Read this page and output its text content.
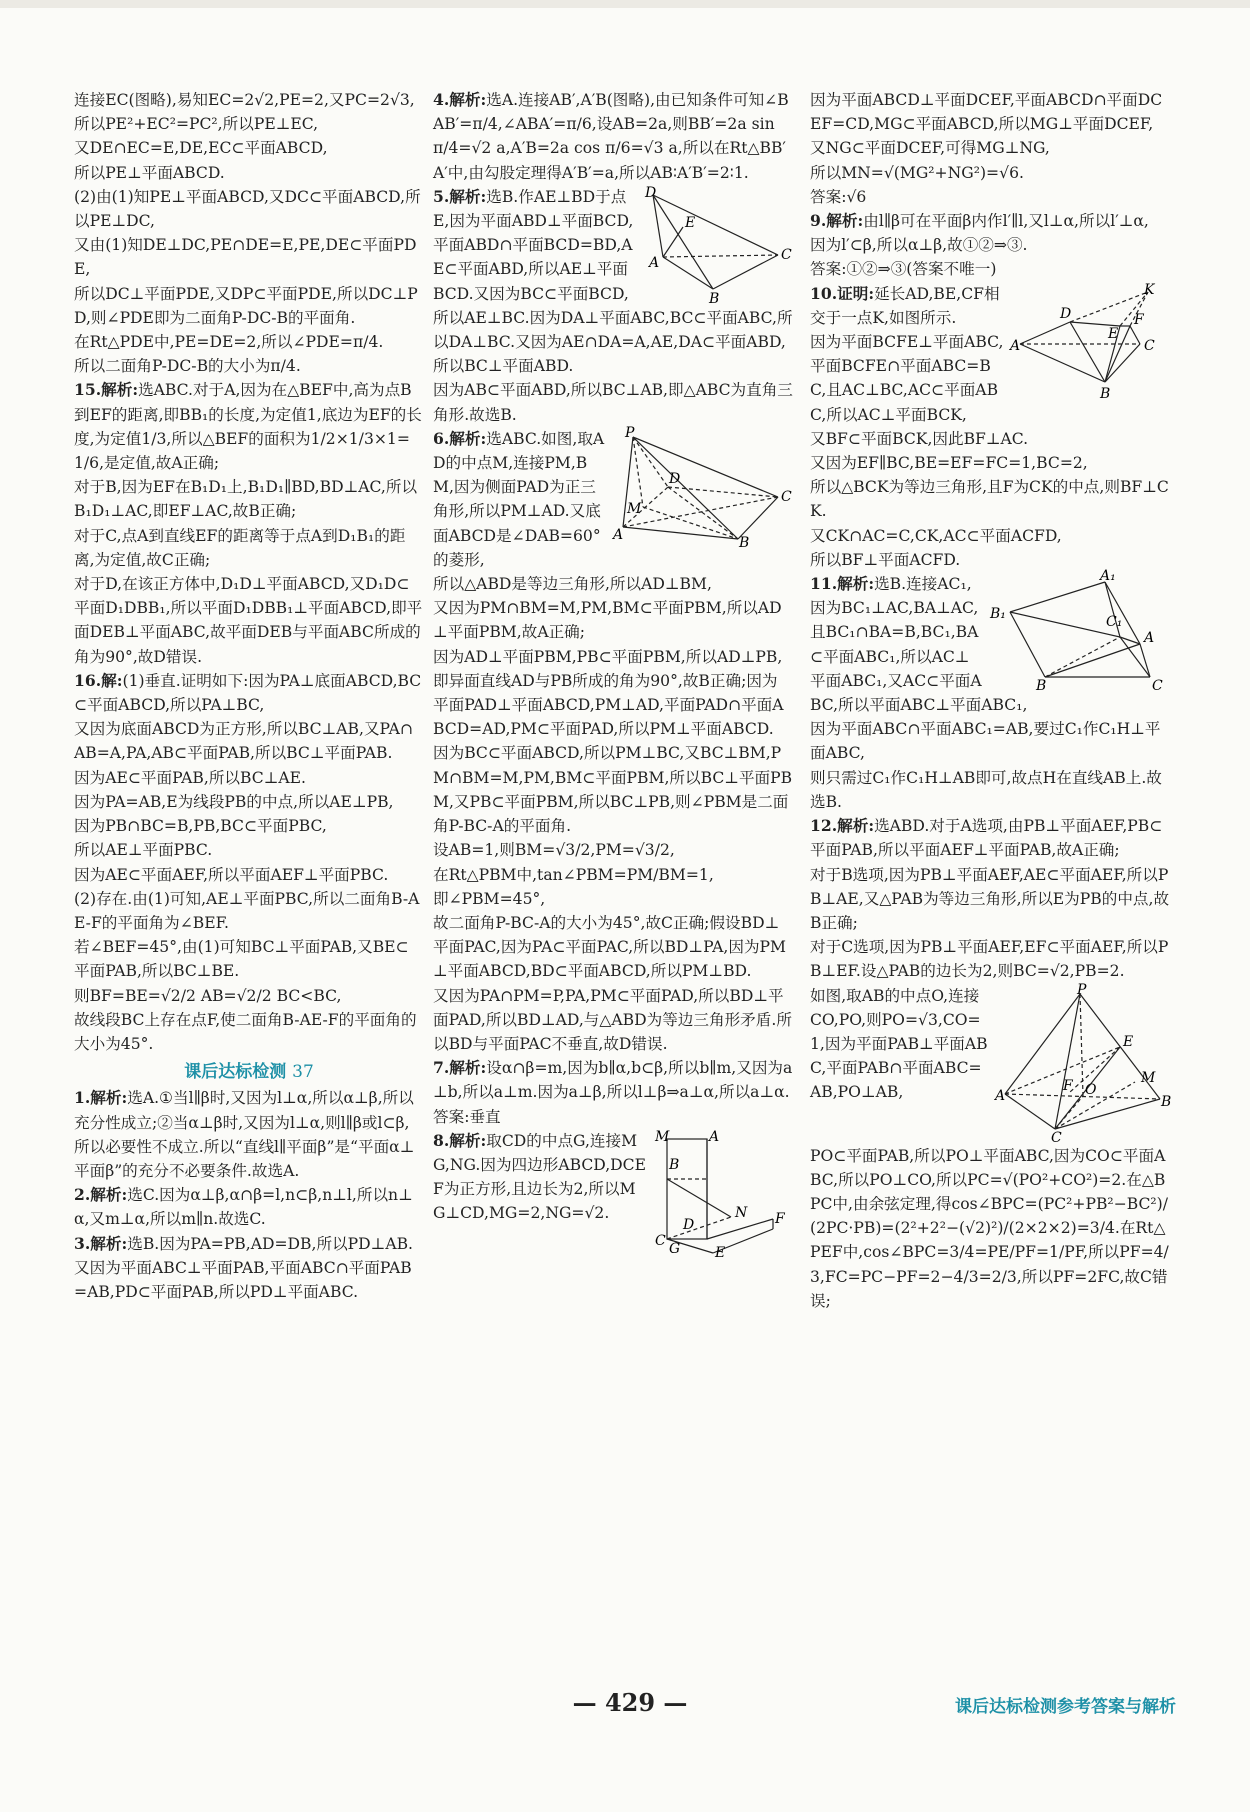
连接EC(图略),易知EC=2√2,PE=2,又PC=2√3,

所以PE²+EC²=PC²,所以PE⊥EC,

又DE∩EC=E,DE,EC⊂平面ABCD,

所以PE⊥平面ABCD.

(2)由(1)知PE⊥平面ABCD,又DC⊂平面ABCD,所以PE⊥DC,

又由(1)知DE⊥DC,PE∩DE=E,PE,DE⊂平面PDE,

所以DC⊥平面PDE,又DP⊂平面PDE,所以DC⊥PD,则∠PDE即为二面角P-DC-B的平面角.

在Rt△PDE中,PE=DE=2,所以∠PDE=π/4.

所以二面角P-DC-B的大小为π/4.

15.解析:选ABC.对于A,因为在△BEF中,高为点B到EF的距离,即BB₁的长度,为定值1,底边为EF的长度,为定值1/3,所以△BEF的面积为1/2×1/3×1=1/6,是定值,故A正确;

对于B,因为EF在B₁D₁上,B₁D₁∥BD,BD⊥AC,所以B₁D₁⊥AC,即EF⊥AC,故B正确;

对于C,点A到直线EF的距离等于点A到D₁B₁的距离,为定值,故C正确;

对于D,在该正方体中,D₁D⊥平面ABCD,又D₁D⊂平面D₁DBB₁,所以平面D₁DBB₁⊥平面ABCD,即平面DEB⊥平面ABC,故平面DEB与平面ABC所成的角为90°,故D错误.

16.解:(1)垂直.证明如下:因为PA⊥底面ABCD,BC⊂平面ABCD,所以PA⊥BC,

又因为底面ABCD为正方形,所以BC⊥AB,又PA∩AB=A,PA,AB⊂平面PAB,所以BC⊥平面PAB.

因为AE⊂平面PAB,所以BC⊥AE.

因为PA=AB,E为线段PB的中点,所以AE⊥PB,

因为PB∩BC=B,PB,BC⊂平面PBC,

所以AE⊥平面PBC.

因为AE⊂平面AEF,所以平面AEF⊥平面PBC.

(2)存在.由(1)可知,AE⊥平面PBC,所以二面角B-AE-F的平面角为∠BEF.

若∠BEF=45°,由(1)可知BC⊥平面PAB,又BE⊂平面PAB,所以BC⊥BE.

则BF=BE=√2/2 AB=√2/2 BC<BC,

故线段BC上存在点F,使二面角B-AE-F的平面角的大小为45°.

课后达标检测 37

1.解析:选A.①当l∥β时,又因为l⊥α,所以α⊥β,所以充分性成立;②当α⊥β时,又因为l⊥α,则l∥β或l⊂β,所以必要性不成立.所以“直线l∥平面β”是“平面α⊥平面β”的充分不必要条件.故选A.

2.解析:选C.因为α⊥β,α∩β=l,n⊂β,n⊥l,所以n⊥α,又m⊥α,所以m∥n.故选C.

3.解析:选B.因为PA=PB,AD=DB,所以PD⊥AB.又因为平面ABC⊥平面PAB,平面ABC∩平面PAB=AB,PD⊂平面PAB,所以PD⊥平面ABC.

4.解析:选A.连接AB′,A′B(图略),由已知条件可知∠BAB′=π/4,∠ABA′=π/6,设AB=2a,则BB′=2a sin π/4=√2 a,A′B=2a cos π/6=√3 a,所以在Rt△BB′A′中,由勾股定理得A′B′=a,所以AB∶A′B′=2∶1.

D
A
B
C
E

5.解析:选B.作AE⊥BD于点E,因为平面ABD⊥平面BCD,平面ABD∩平面BCD=BD,AE⊂平面ABD,所以AE⊥平面BCD.又因为BC⊂平面BCD,所以AE⊥BC.因为DA⊥平面ABC,BC⊂平面ABC,所以DA⊥BC.又因为AE∩DA=A,AE,DA⊂平面ABD,所以BC⊥平面ABD.

因为AB⊂平面ABD,所以BC⊥AB,即△ABC为直角三角形.故选B.

P
A	B
C
D
M

6.解析:选ABC.如图,取AD的中点M,连接PM,BM,因为侧面PAD为正三角形,所以PM⊥AD.又底面ABCD是∠DAB=60°的菱形,

所以△ABD是等边三角形,所以AD⊥BM,

又因为PM∩BM=M,PM,BM⊂平面PBM,所以AD⊥平面PBM,故A正确;

因为AD⊥平面PBM,PB⊂平面PBM,所以AD⊥PB,

即异面直线AD与PB所成的角为90°,故B正确;因为平面PAD⊥平面ABCD,PM⊥AD,平面PAD∩平面ABCD=AD,PM⊂平面PAD,所以PM⊥平面ABCD.

因为BC⊂平面ABCD,所以PM⊥BC,又BC⊥BM,PM∩BM=M,PM,BM⊂平面PBM,所以BC⊥平面PBM,又PB⊂平面PBM,所以BC⊥PB,则∠PBM是二面角P-BC-A的平面角.

设AB=1,则BM=√3/2,PM=√3/2,

在Rt△PBM中,tan∠PBM=PM/BM=1,

即∠PBM=45°,

故二面角P-BC-A的大小为45°,故C正确;假设BD⊥平面PAC,因为PA⊂平面PAC,所以BD⊥PA,因为PM⊥平面ABCD,BD⊂平面ABCD,所以PM⊥BD.

又因为PA∩PM=P,PA,PM⊂平面PAD,所以BD⊥平面PAD,所以BD⊥AD,与△ABD为等边三角形矛盾.所以BD与平面PAC不垂直,故D错误.

7.解析:设α∩β=m,因为b∥α,b⊂β,所以b∥m,又因为a⊥b,所以a⊥m.因为a⊥β,所以l⊥β⇒a⊥α,所以a⊥α.

答案:垂直

A
B
M
C
D
E
F
G
N

8.解析:取CD的中点G,连接MG,NG.因为四边形ABCD,DCEF为正方形,且边长为2,所以MG⊥CD,MG=2,NG=√2.

因为平面ABCD⊥平面DCEF,平面ABCD∩平面DCEF=CD,MG⊂平面ABCD,所以MG⊥平面DCEF,

又NG⊂平面DCEF,可得MG⊥NG,

所以MN=√(MG²+NG²)=√6.

答案:√6

9.解析:由l∥β可在平面β内作l′∥l,又l⊥α,所以l′⊥α,

因为l′⊂β,所以α⊥β,故①②⇒③.

答案:①②⇒③(答案不唯一)

A
B
C
D
E
F
K

10.证明:延长AD,BE,CF相交于一点K,如图所示.

因为平面BCFE⊥平面ABC,平面BCFE∩平面ABC=BC,且AC⊥BC,AC⊂平面ABC,所以AC⊥平面BCK,

又BF⊂平面BCK,因此BF⊥AC.

又因为EF∥BC,BE=EF=FC=1,BC=2,

所以△BCK为等边三角形,且F为CK的中点,则BF⊥CK.

又CK∩AC=C,CK,AC⊂平面ACFD,

所以BF⊥平面ACFD.

A₁
B₁	C₁
A
B	C

11.解析:选B.连接AC₁,因为BC₁⊥AC,BA⊥AC,且BC₁∩BA=B,BC₁,BA⊂平面ABC₁,所以AC⊥平面ABC₁,又AC⊂平面ABC,所以平面ABC⊥平面ABC₁,

因为平面ABC∩平面ABC₁=AB,要过C₁作C₁H⊥平面ABC,

则只需过C₁作C₁H⊥AB即可,故点H在直线AB上.故选B.

12.解析:选ABD.对于A选项,由PB⊥平面AEF,PB⊂平面PAB,所以平面AEF⊥平面PAB,故A正确;

对于B选项,因为PB⊥平面AEF,AE⊂平面AEF,所以PB⊥AE,又△PAB为等边三角形,所以E为PB的中点,故B正确;

对于C选项,因为PB⊥平面AEF,EF⊂平面AEF,所以PB⊥EF.设△PAB的边长为2,则BC=√2,PB=2.

P
A	B
C
E
F O
M

如图,取AB的中点O,连接CO,PO,则PO=√3,CO=1,因为平面PAB⊥平面ABC,平面PAB∩平面ABC=AB,PO⊥AB,

PO⊂平面PAB,所以PO⊥平面ABC,因为CO⊂平面ABC,所以PO⊥CO,所以PC=√(PO²+CO²)=2.在△BPC中,由余弦定理,得cos∠BPC=(PC²+PB²−BC²)/(2PC·PB)=(2²+2²−(√2)²)/(2×2×2)=3/4.在Rt△PEF中,cos∠BPC=3/4=PE/PF=1/PF,所以PF=4/3,FC=PC−PF=2−4/3=2/3,所以PF=2FC,故C错误;

— 429 —	课后达标检测参考答案与解析
